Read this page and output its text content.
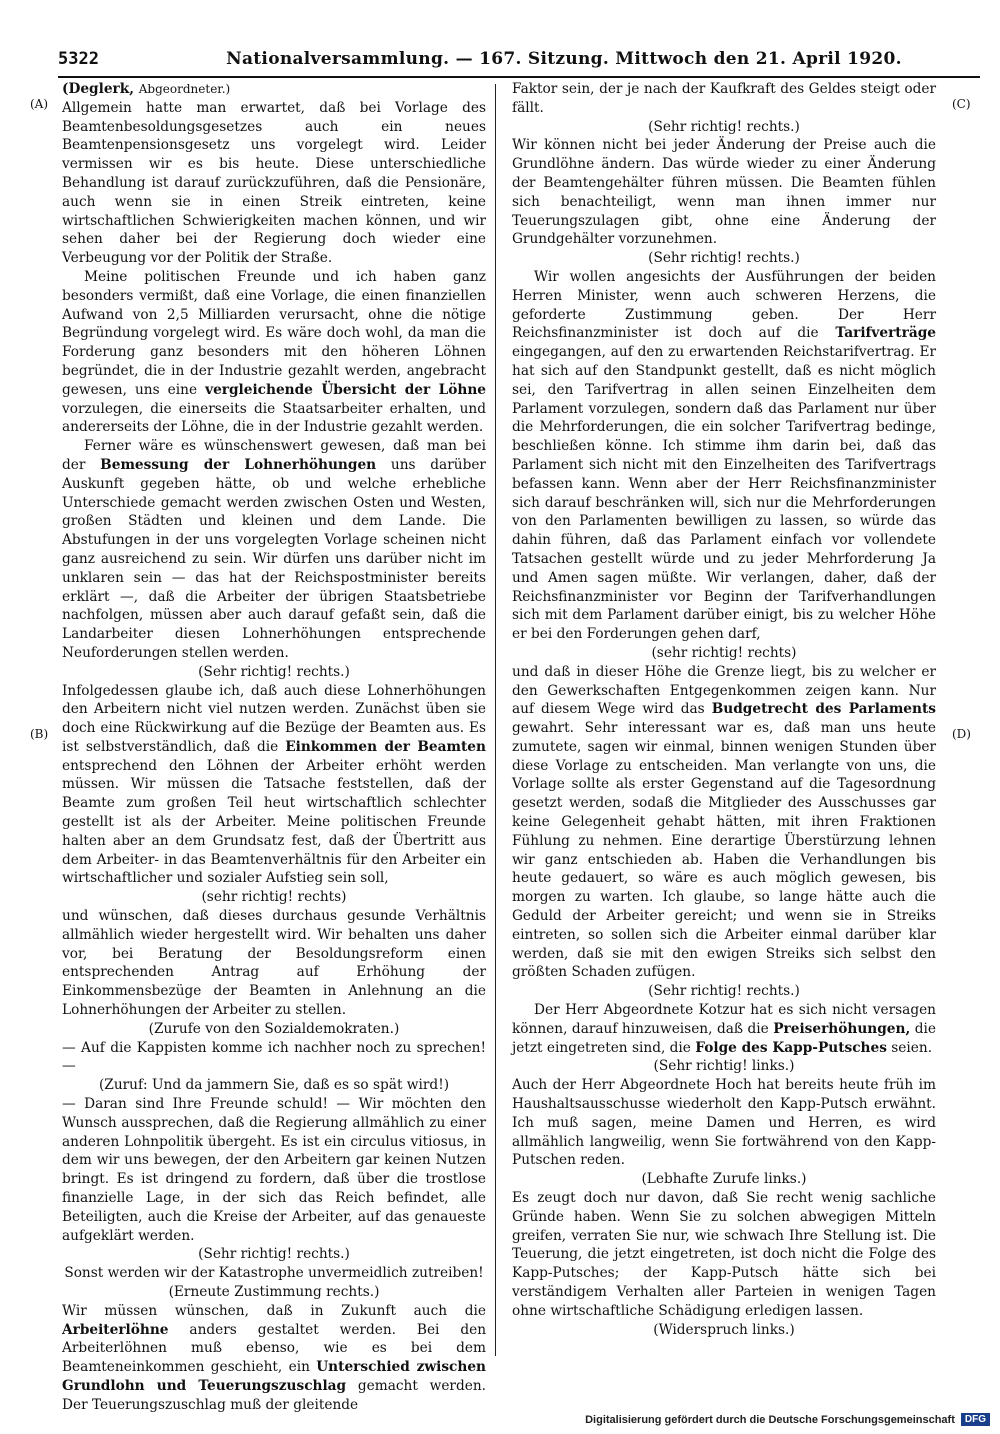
5322	Nationalversammlung. — 167. Sitzung. Mittwoch den 21. April 1920.
(A)
(B)
(C)
(D)

(Deglerk, Abgeordneter.)

Allgemein hatte man erwartet, daß bei Vorlage des Beamtenbesoldungsgesetzes auch ein neues Beamtenpensionsgesetz uns vorgelegt wird. Leider vermissen wir es bis heute. Diese unterschiedliche Behandlung ist darauf zurückzuführen, daß die Pensionäre, auch wenn sie in einen Streik eintreten, keine wirtschaftlichen Schwierigkeiten machen können, und wir sehen daher bei der Regierung doch wieder eine Verbeugung vor der Politik der Straße.

Meine politischen Freunde und ich haben ganz besonders vermißt, daß eine Vorlage, die einen finanziellen Aufwand von 2,5 Milliarden verursacht, ohne die nötige Begründung vorgelegt wird. Es wäre doch wohl, da man die Forderung ganz besonders mit den höheren Löhnen begründet, die in der Industrie gezahlt werden, angebracht gewesen, uns eine vergleichende Übersicht der Löhne vorzulegen, die einerseits die Staatsarbeiter erhalten, und andererseits der Löhne, die in der Industrie gezahlt werden.

Ferner wäre es wünschenswert gewesen, daß man bei der Bemessung der Lohnerhöhungen uns darüber Auskunft gegeben hätte, ob und welche erhebliche Unterschiede gemacht werden zwischen Osten und Westen, großen Städten und kleinen und dem Lande. Die Abstufungen in der uns vorgelegten Vorlage scheinen nicht ganz ausreichend zu sein. Wir dürfen uns darüber nicht im unklaren sein — das hat der Reichspostminister bereits erklärt —, daß die Arbeiter der übrigen Staatsbetriebe nachfolgen, müssen aber auch darauf gefaßt sein, daß die Landarbeiter diesen Lohnerhöhungen entsprechende Neuforderungen stellen werden.

(Sehr richtig! rechts.)

Infolgedessen glaube ich, daß auch diese Lohnerhöhungen den Arbeitern nicht viel nutzen werden. Zunächst üben sie doch eine Rückwirkung auf die Bezüge der Beamten aus. Es ist selbstverständlich, daß die Einkommen der Beamten entsprechend den Löhnen der Arbeiter erhöht werden müssen. Wir müssen die Tatsache feststellen, daß der Beamte zum großen Teil heut wirtschaftlich schlechter gestellt ist als der Arbeiter. Meine politischen Freunde halten aber an dem Grundsatz fest, daß der Übertritt aus dem Arbeiter- in das Beamtenverhältnis für den Arbeiter ein wirtschaftlicher und sozialer Aufstieg sein soll,

(sehr richtig! rechts)

und wünschen, daß dieses durchaus gesunde Verhältnis allmählich wieder hergestellt wird. Wir behalten uns daher vor, bei Beratung der Besoldungsreform einen entsprechenden Antrag auf Erhöhung der Einkommensbezüge der Beamten in Anlehnung an die Lohnerhöhungen der Arbeiter zu stellen.

(Zurufe von den Sozialdemokraten.)

— Auf die Kappisten komme ich nachher noch zu sprechen! —

(Zuruf: Und da jammern Sie, daß es so spät wird!)

— Daran sind Ihre Freunde schuld! — Wir möchten den Wunsch aussprechen, daß die Regierung allmählich zu einer anderen Lohnpolitik übergeht. Es ist ein circulus vitiosus, in dem wir uns bewegen, der den Arbeitern gar keinen Nutzen bringt. Es ist dringend zu fordern, daß über die trostlose finanzielle Lage, in der sich das Reich befindet, alle Beteiligten, auch die Kreise der Arbeiter, auf das genaueste aufgeklärt werden.

(Sehr richtig! rechts.)

Sonst werden wir der Katastrophe unvermeidlich zutreiben!

(Erneute Zustimmung rechts.)

Wir müssen wünschen, daß in Zukunft auch die Arbeiterlöhne anders gestaltet werden. Bei den Arbeiterlöhnen muß ebenso, wie es bei dem Beamteneinkommen geschieht, ein Unterschied zwischen Grundlohn und Teuerungszuschlag gemacht werden. Der Teuerungszuschlag muß der gleitende

Faktor sein, der je nach der Kaufkraft des Geldes steigt oder fällt.

(Sehr richtig! rechts.)

Wir können nicht bei jeder Änderung der Preise auch die Grundlöhne ändern. Das würde wieder zu einer Änderung der Beamtengehälter führen müssen. Die Beamten fühlen sich benachteiligt, wenn man ihnen immer nur Teuerungszulagen gibt, ohne eine Änderung der Grundgehälter vorzunehmen.

(Sehr richtig! rechts.)

Wir wollen angesichts der Ausführungen der beiden Herren Minister, wenn auch schweren Herzens, die geforderte Zustimmung geben. Der Herr Reichsfinanzminister ist doch auf die Tarifverträge eingegangen, auf den zu erwartenden Reichstarifvertrag. Er hat sich auf den Standpunkt gestellt, daß es nicht möglich sei, den Tarifvertrag in allen seinen Einzelheiten dem Parlament vorzulegen, sondern daß das Parlament nur über die Mehrforderungen, die ein solcher Tarifvertrag bedinge, beschließen könne. Ich stimme ihm darin bei, daß das Parlament sich nicht mit den Einzelheiten des Tarifvertrags befassen kann. Wenn aber der Herr Reichsfinanzminister sich darauf beschränken will, sich nur die Mehrforderungen von den Parlamenten bewilligen zu lassen, so würde das dahin führen, daß das Parlament einfach vor vollendete Tatsachen gestellt würde und zu jeder Mehrforderung Ja und Amen sagen müßte. Wir verlangen, daher, daß der Reichsfinanzminister vor Beginn der Tarifverhandlungen sich mit dem Parlament darüber einigt, bis zu welcher Höhe er bei den Forderungen gehen darf,

(sehr richtig! rechts)

und daß in dieser Höhe die Grenze liegt, bis zu welcher er den Gewerkschaften Entgegenkommen zeigen kann. Nur auf diesem Wege wird das Budgetrecht des Parlaments gewahrt. Sehr interessant war es, daß man uns heute zumutete, sagen wir einmal, binnen wenigen Stunden über diese Vorlage zu entscheiden. Man verlangte von uns, die Vorlage sollte als erster Gegenstand auf die Tagesordnung gesetzt werden, sodaß die Mitglieder des Ausschusses gar keine Gelegenheit gehabt hätten, mit ihren Fraktionen Fühlung zu nehmen. Eine derartige Überstürzung lehnen wir ganz entschieden ab. Haben die Verhandlungen bis heute gedauert, so wäre es auch möglich gewesen, bis morgen zu warten. Ich glaube, so lange hätte auch die Geduld der Arbeiter gereicht; und wenn sie in Streiks eintreten, so sollen sich die Arbeiter einmal darüber klar werden, daß sie mit den ewigen Streiks sich selbst den größten Schaden zufügen.

(Sehr richtig! rechts.)

Der Herr Abgeordnete Kotzur hat es sich nicht versagen können, darauf hinzuweisen, daß die Preiserhöhungen, die jetzt eingetreten sind, die Folge des Kapp-Putsches seien.

(Sehr richtig! links.)

Auch der Herr Abgeordnete Hoch hat bereits heute früh im Haushaltsausschusse wiederholt den Kapp-Putsch erwähnt. Ich muß sagen, meine Damen und Herren, es wird allmählich langweilig, wenn Sie fortwährend von den Kapp-Putschen reden.

(Lebhafte Zurufe links.)

Es zeugt doch nur davon, daß Sie recht wenig sachliche Gründe haben. Wenn Sie zu solchen abwegigen Mitteln greifen, verraten Sie nur, wie schwach Ihre Stellung ist. Die Teuerung, die jetzt eingetreten, ist doch nicht die Folge des Kapp-Putsches; der Kapp-Putsch hätte sich bei verständigem Verhalten aller Parteien in wenigen Tagen ohne wirtschaftliche Schädigung erledigen lassen.

(Widerspruch links.)

Digitalisierung gefördert durch die Deutsche Forschungsgemeinschaft	DFG
